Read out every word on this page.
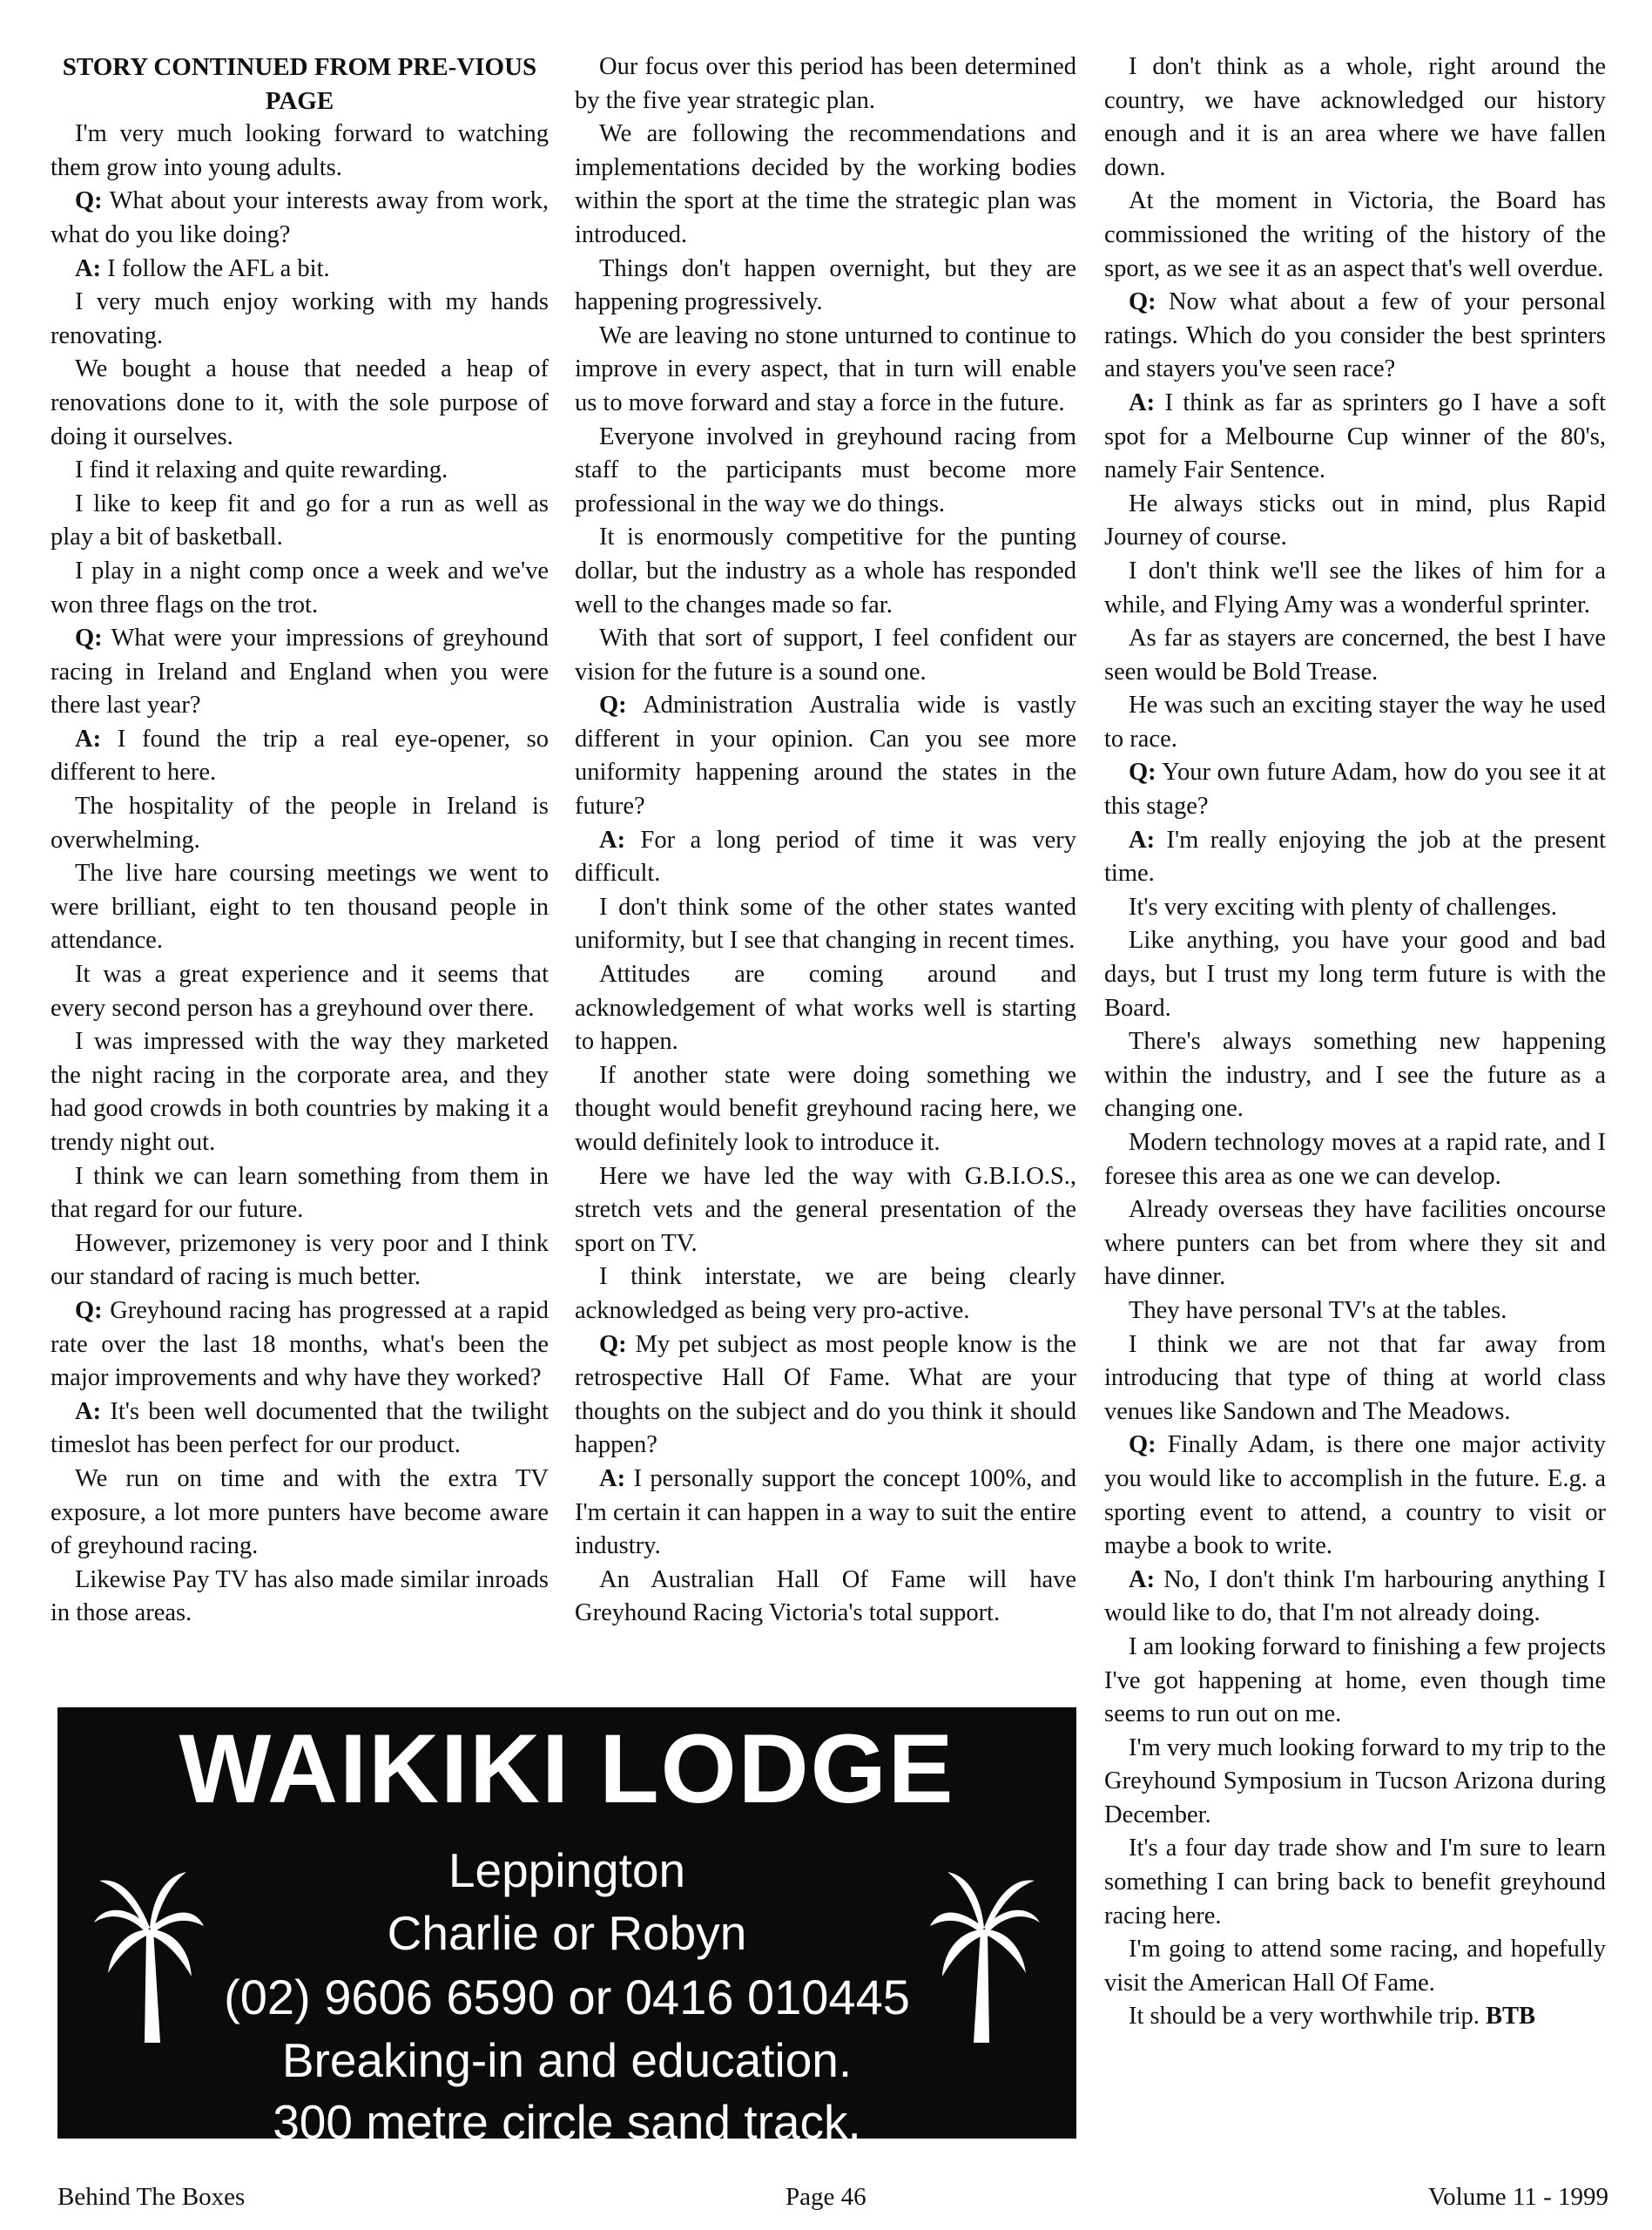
STORY CONTINUED FROM PRE-VIOUS PAGE

I'm very much looking forward to watching them grow into young adults.

Q: What about your interests away from work, what do you like doing?

A: I follow the AFL a bit.

I very much enjoy working with my hands renovating.

We bought a house that needed a heap of renovations done to it, with the sole purpose of doing it ourselves.

I find it relaxing and quite rewarding.

I like to keep fit and go for a run as well as play a bit of basketball.

I play in a night comp once a week and we've won three flags on the trot.

Q: What were your impressions of greyhound racing in Ireland and England when you were there last year?

A: I found the trip a real eye-opener, so different to here.

The hospitality of the people in Ireland is overwhelming.

The live hare coursing meetings we went to were brilliant, eight to ten thousand people in attendance.

It was a great experience and it seems that every second person has a greyhound over there.

I was impressed with the way they marketed the night racing in the corporate area, and they had good crowds in both countries by making it a trendy night out.

I think we can learn something from them in that regard for our future.

However, prizemoney is very poor and I think our standard of racing is much better.

Q: Greyhound racing has progressed at a rapid rate over the last 18 months, what's been the major improvements and why have they worked?

A: It's been well documented that the twilight timeslot has been perfect for our product.

We run on time and with the extra TV exposure, a lot more punters have become aware of greyhound racing.

Likewise Pay TV has also made similar inroads in those areas.

Our focus over this period has been determined by the five year strategic plan.

We are following the recommendations and implementations decided by the working bodies within the sport at the time the strategic plan was introduced.

Things don't happen overnight, but they are happening progressively.

We are leaving no stone unturned to continue to improve in every aspect, that in turn will enable us to move forward and stay a force in the future.

Everyone involved in greyhound racing from staff to the participants must become more professional in the way we do things.

It is enormously competitive for the punting dollar, but the industry as a whole has responded well to the changes made so far.

With that sort of support, I feel confident our vision for the future is a sound one.

Q: Administration Australia wide is vastly different in your opinion. Can you see more uniformity happening around the states in the future?

A: For a long period of time it was very difficult.

I don't think some of the other states wanted uniformity, but I see that changing in recent times.

Attitudes are coming around and acknowledgement of what works well is starting to happen.

If another state were doing something we thought would benefit greyhound racing here, we would definitely look to introduce it.

Here we have led the way with G.B.I.O.S., stretch vets and the general presentation of the sport on TV.

I think interstate, we are being clearly acknowledged as being very pro-active.

Q: My pet subject as most people know is the retrospective Hall Of Fame. What are your thoughts on the subject and do you think it should happen?

A: I personally support the concept 100%, and I'm certain it can happen in a way to suit the entire industry.

An Australian Hall Of Fame will have Greyhound Racing Victoria's total support.

I don't think as a whole, right around the country, we have acknowledged our history enough and it is an area where we have fallen down.

At the moment in Victoria, the Board has commissioned the writing of the history of the sport, as we see it as an aspect that's well overdue.

Q: Now what about a few of your personal ratings. Which do you consider the best sprinters and stayers you've seen race?

A: I think as far as sprinters go I have a soft spot for a Melbourne Cup winner of the 80's, namely Fair Sentence.

He always sticks out in mind, plus Rapid Journey of course.

I don't think we'll see the likes of him for a while, and Flying Amy was a wonderful sprinter.

As far as stayers are concerned, the best I have seen would be Bold Trease.

He was such an exciting stayer the way he used to race.

Q: Your own future Adam, how do you see it at this stage?

A: I'm really enjoying the job at the present time.

It's very exciting with plenty of challenges.

Like anything, you have your good and bad days, but I trust my long term future is with the Board.

There's always something new happening within the industry, and I see the future as a changing one.

Modern technology moves at a rapid rate, and I foresee this area as one we can develop.

Already overseas they have facilities oncourse where punters can bet from where they sit and have dinner.

They have personal TV's at the tables.

I think we are not that far away from introducing that type of thing at world class venues like Sandown and The Meadows.

Q: Finally Adam, is there one major activity you would like to accomplish in the future. E.g. a sporting event to attend, a country to visit or maybe a book to write.

A: No, I don't think I'm harbouring anything I would like to do, that I'm not already doing.

I am looking forward to finishing a few projects I've got happening at home, even though time seems to run out on me.

I'm very much looking forward to my trip to the Greyhound Symposium in Tucson Arizona during December.

It's a four day trade show and I'm sure to learn something I can bring back to benefit greyhound racing here.

I'm going to attend some racing, and hopefully visit the American Hall Of Fame.

It should be a very worthwhile trip. BTB

WAIKIKI LODGE
Leppington
Charlie or Robyn
(02) 9606 6590 or 0416 010445
Breaking-in and education.
300 metre circle sand track.
Behind The Boxes	Page 46	Volume 11 - 1999
